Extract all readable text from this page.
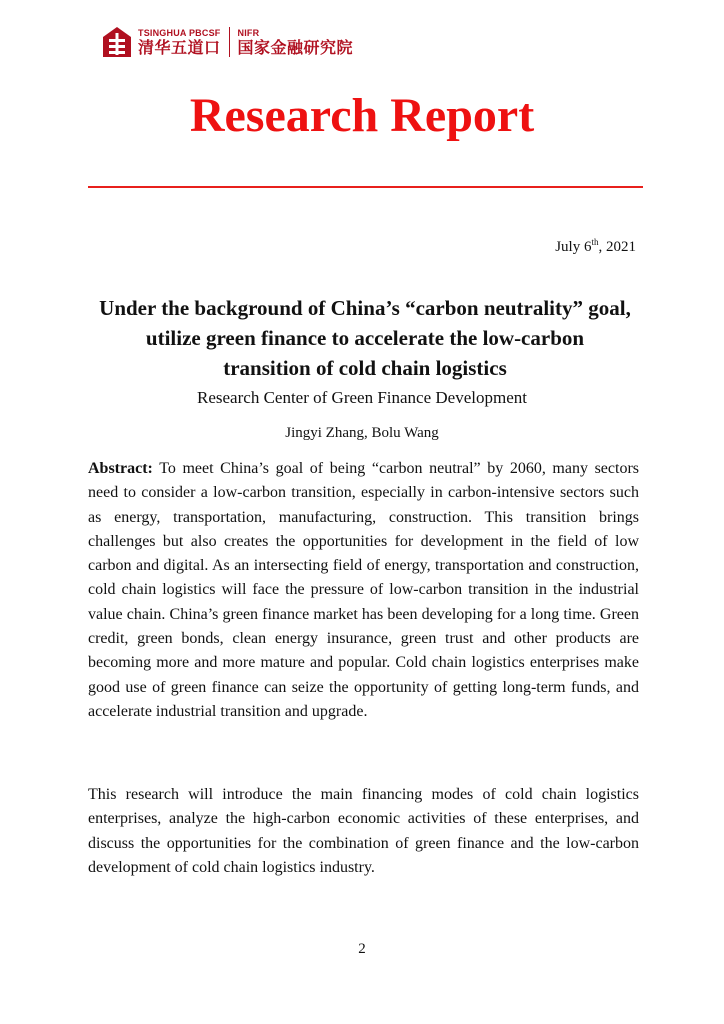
TSINGHUA PBCSF
清华五道口
NIFR
国家金融研究院
Research Report
July 6th, 2021
Under the background of China’s “carbon neutrality” goal,
utilize green finance to accelerate the low-carbon
transition of cold chain logistics
Research Center of Green Finance Development
Jingyi Zhang, Bolu Wang

Abstract: To meet China’s goal of being “carbon neutral” by 2060, many sectors need to consider a low-carbon transition, especially in carbon-intensive sectors such as energy, transportation, manufacturing, construction. This transition brings challenges but also creates the opportunities for development in the field of low carbon and digital. As an intersecting field of energy, transportation and construction, cold chain logistics will face the pressure of low-carbon transition in the industrial value chain. China’s green finance market has been developing for a long time. Green credit, green bonds, clean energy insurance, green trust and other products are becoming more and more mature and popular. Cold chain logistics enterprises make good use of green finance can seize the opportunity of getting long-term funds, and accelerate industrial transition and upgrade.

This research will introduce the main financing modes of cold chain logistics enterprises, analyze the high-carbon economic activities of these enterprises, and discuss the opportunities for the combination of green finance and the low-carbon development of cold chain logistics industry.

2
